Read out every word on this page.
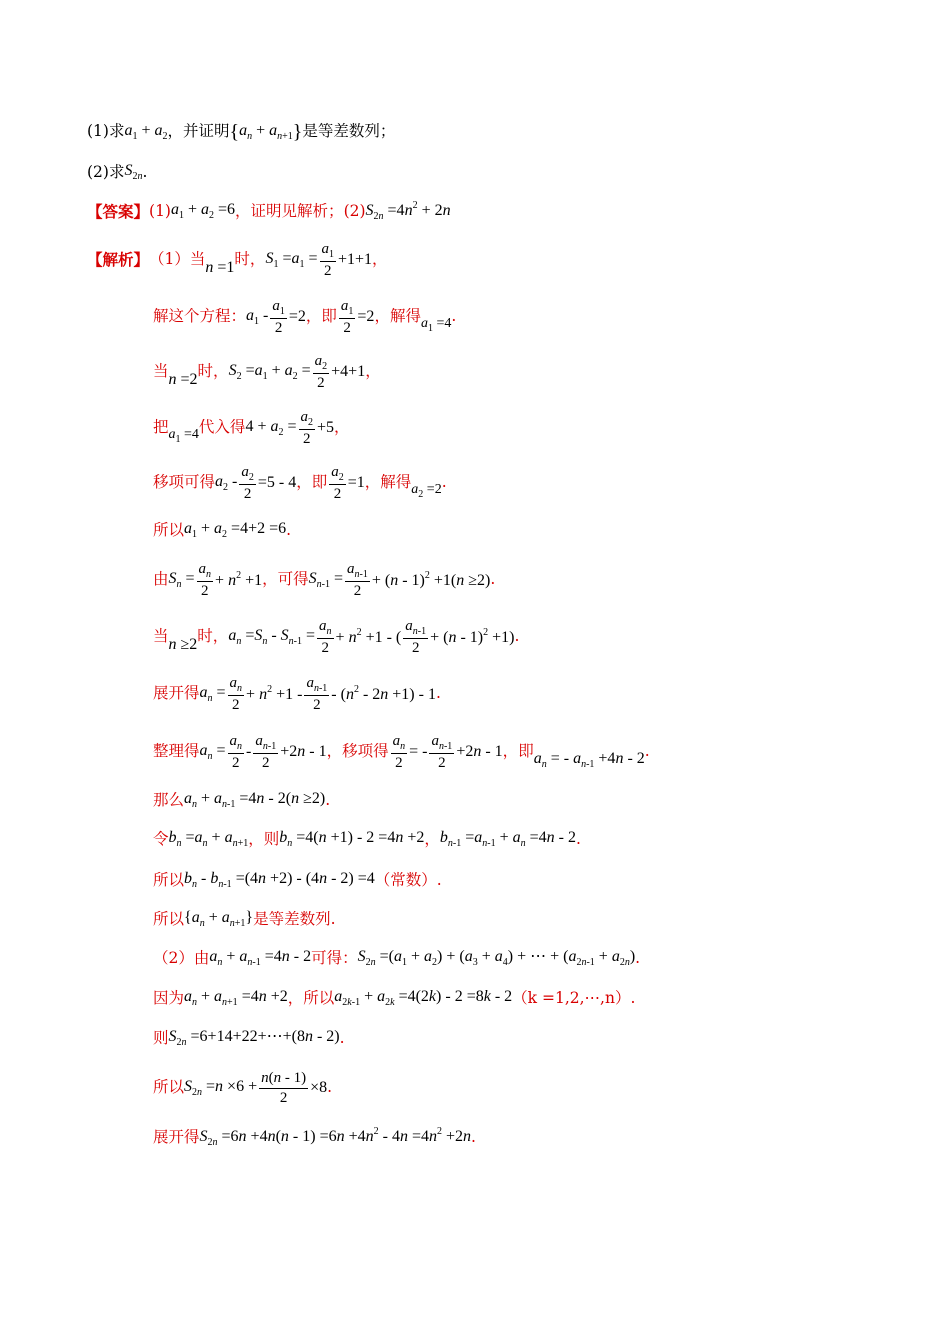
(1)求 $a_1 + a_2$ ，并证明 { $a_n + a_{n+1}$ } 是等差数列；
(2)求 $S_{2n}$ .
【答案】 (1) $a_1 + a_2 =6$ ，证明见解析； (2) $S_{2n} =4n^2 + 2n$
【解析】 （1）当 n =1 时， $S_1 =a_1 = \frac{a_1}{2} +1+1$ ，
解这个方程： $a_1 - \frac{a_1}{2} =2$ ， 即 $\frac{a_1}{2} =2$ ， 解得 $a_1 =4$ .
当 n =2 时， $S_2 =a_1 + a_2 = \frac{a_2}{2} +4+1$ ，
把 $a_1 =4$ 代入得 $4 + a_2 = \frac{a_2}{2} +5$ ，
移项可得 $a_2 - \frac{a_2}{2} =5 - 4$ ， 即 $\frac{a_2}{2} =1$ ， 解得 $a_2 =2$ .
所以 $a_1 + a_2 =4+2 =6$ .
由 $S_n = \frac{a_n}{2} + n^2 +1$ ， 可得 $S_{n-1} = \frac{a_{n-1}}{2} + (n - 1)^2 +1(n \ge 2)$ .
当 n ≥2 时， $a_n =S_n - S_{n-1} = \frac{a_n}{2} + n^2 +1$ - ( $\frac{a_{n-1}}{2} + (n - 1)^2 +1$) .
展开得 $a_n = \frac{a_n}{2} + n^2 +1 - \frac{a_{n-1}}{2} - (n^2 - 2n +1) - 1$ .
整理得 $a_n = \frac{a_n}{2} - \frac{a_{n-1}}{2} +2n - 1$ ， 移项得 $\frac{a_n}{2}$ = - $\frac{a_{n-1}}{2} +2n - 1$ ， 即 $a_n$ = - $a_{n-1} +4n - 2$ .
那么 $a_n + a_{n-1} =4n - 2(n \ge 2)$ .
令 $b_n =a_n + a_{n+1}$ ， 则 $b_n =4(n +1) - 2 =4n +2$ ， $b_{n-1} =a_{n-1} + a_n =4n - 2$ .
所以 $b_n - b_{n-1} =(4n +2) - (4n - 2) =4$ （常数） .
所以 $\{a_n + a_{n+1}\}$ 是等差数列 .
（2）由 $a_n + a_{n-1} =4n - 2$ 可得： $S_{2n} =(a_1 + a_2) + (a_3 + a_4)$ + ⋯ + $(a_{2n-1} + a_{2n})$ .
因为 $a_n + a_{n+1} =4n +2$ ， 所以 $a_{2k-1} + a_{2k} =4(2k) - 2 =8k - 2$ （k =1,2,⋯,n） .
则 $S_{2n}$ =6+14+22+⋯+(8n - 2) .
所以 $S_{2n} =n \times 6 + \frac{n(n - 1)}{2} \times 8$ .
展开得 $S_{2n} =6n +4n(n - 1) =6n +4n^2 - 4n =4n^2 +2n$ .
